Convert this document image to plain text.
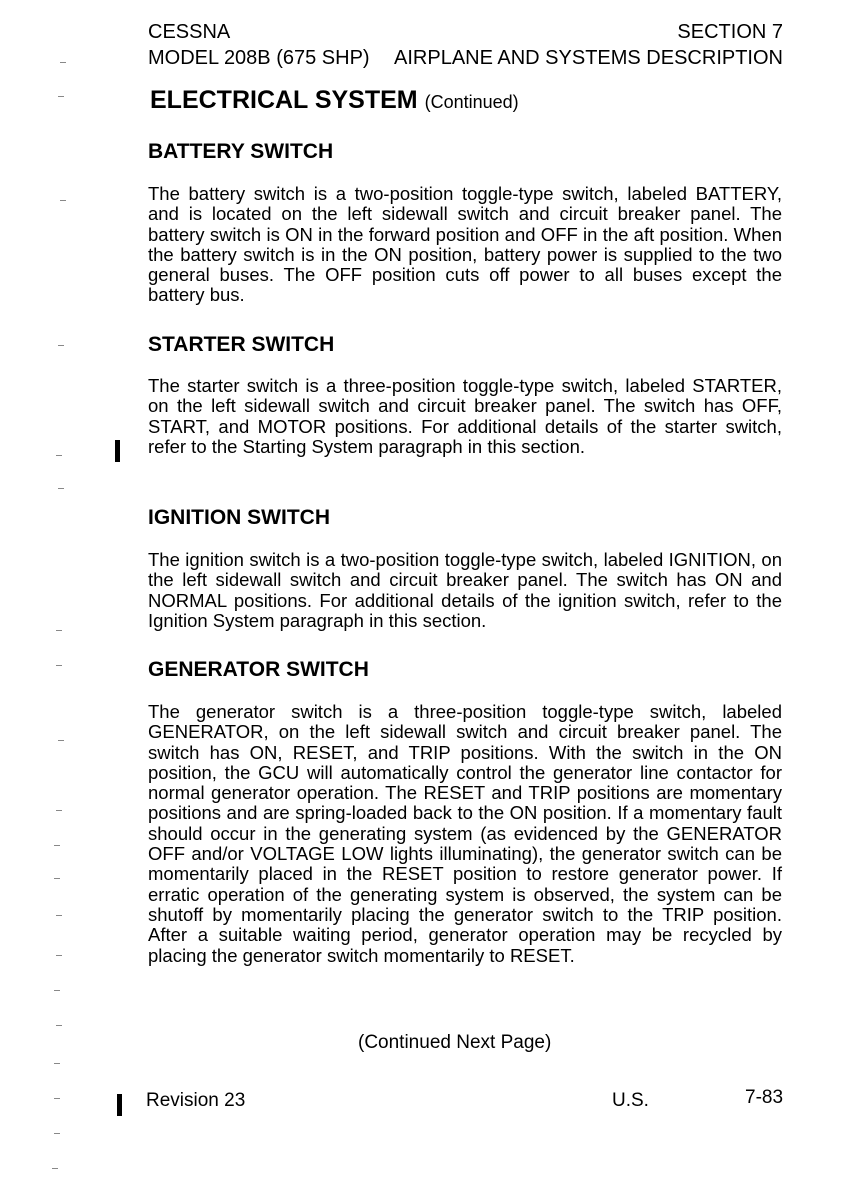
CESSNA	SECTION 7
MODEL 208B (675 SHP) AIRPLANE AND SYSTEMS DESCRIPTION
ELECTRICAL SYSTEM (Continued)
BATTERY SWITCH
The battery switch is a two-position toggle-type switch, labeled BATTERY, and is located on the left sidewall switch and circuit breaker panel. The battery switch is ON in the forward position and OFF in the aft position. When the battery switch is in the ON position, battery power is supplied to the two general buses. The OFF position cuts off power to all buses except the battery bus.
STARTER SWITCH
The starter switch is a three-position toggle-type switch, labeled STARTER, on the left sidewall switch and circuit breaker panel. The switch has OFF, START, and MOTOR positions. For additional details of the starter switch, refer to the Starting System paragraph in this section.
IGNITION SWITCH
The ignition switch is a two-position toggle-type switch, labeled IGNITION, on the left sidewall switch and circuit breaker panel. The switch has ON and NORMAL positions. For additional details of the ignition switch, refer to the Ignition System paragraph in this section.
GENERATOR SWITCH
The generator switch is a three-position toggle-type switch, labeled GENERATOR, on the left sidewall switch and circuit breaker panel. The switch has ON, RESET, and TRIP positions. With the switch in the ON position, the GCU will automatically control the generator line contactor for normal generator operation. The RESET and TRIP positions are momentary positions and are spring-loaded back to the ON position. If a momentary fault should occur in the generating system (as evidenced by the GENERATOR OFF and/or VOLTAGE LOW lights illuminating), the generator switch can be momentarily placed in the RESET position to restore generator power. If erratic operation of the generating system is observed, the system can be shutoff by momentarily placing the generator switch to the TRIP position. After a suitable waiting period, generator operation may be recycled by placing the generator switch momentarily to RESET.
(Continued Next Page)
Revision 23	U.S.	7-83
